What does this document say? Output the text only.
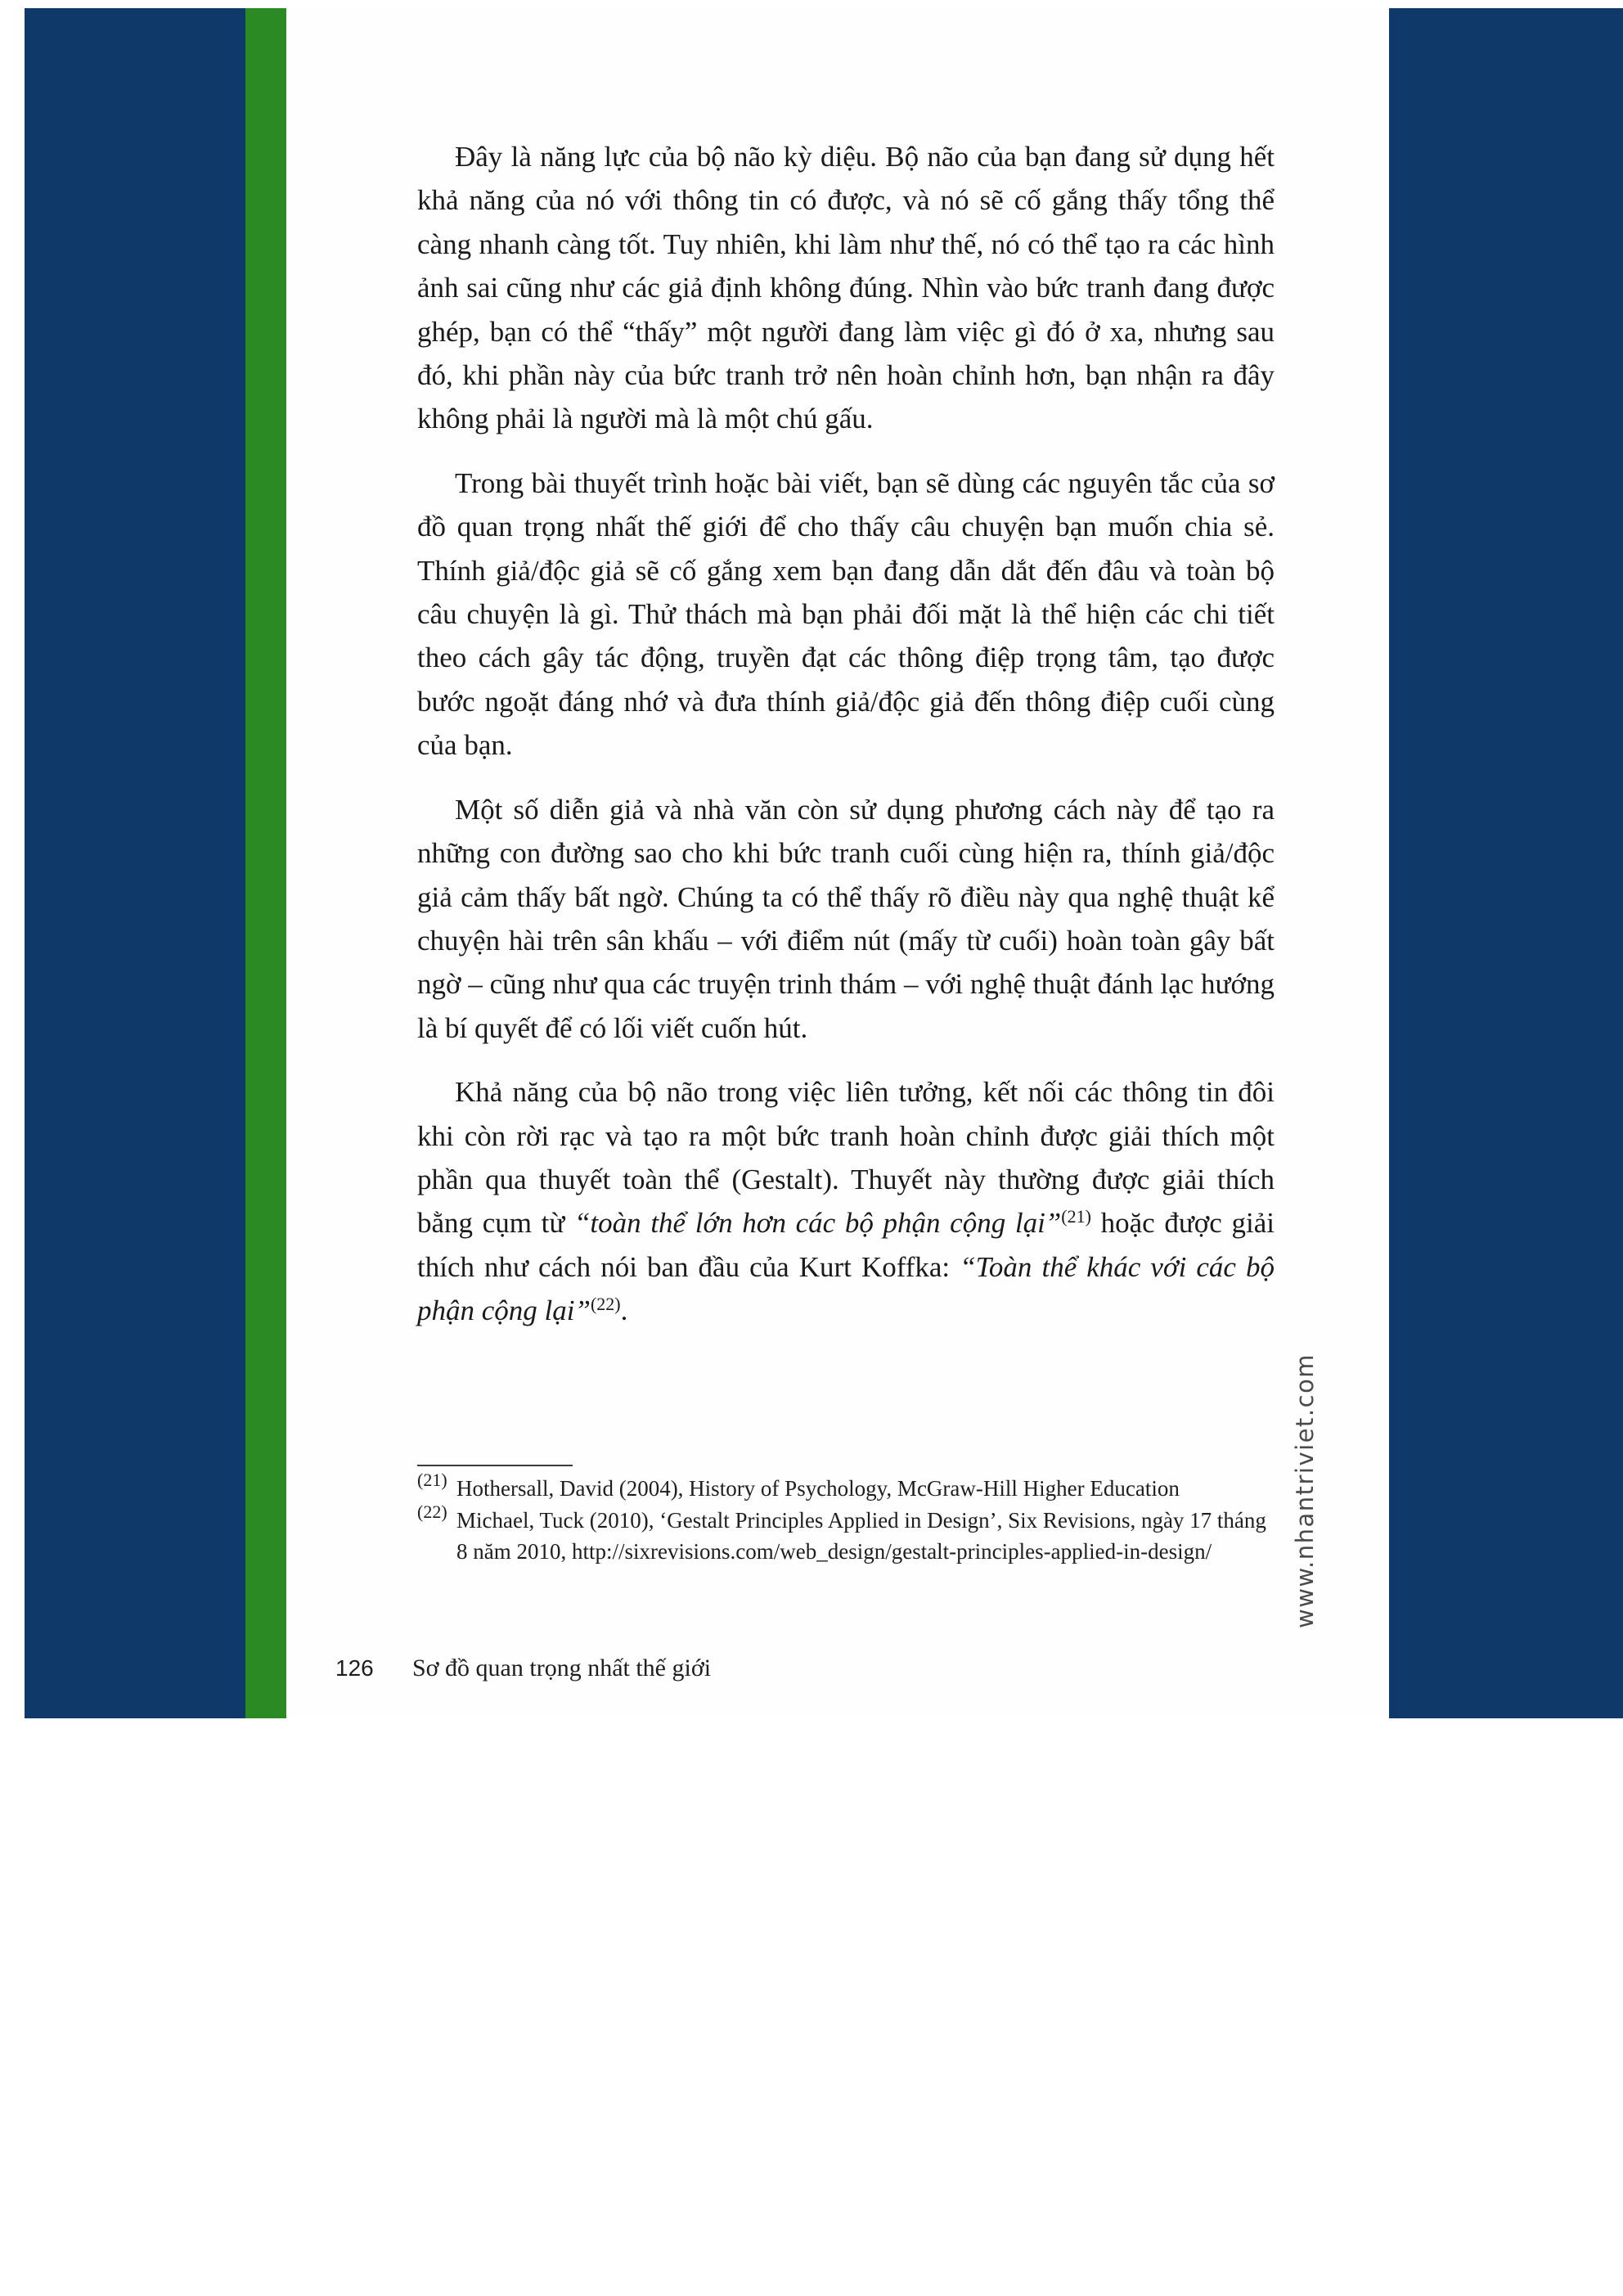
Đây là năng lực của bộ não kỳ diệu. Bộ não của bạn đang sử dụng hết khả năng của nó với thông tin có được, và nó sẽ cố gắng thấy tổng thể càng nhanh càng tốt. Tuy nhiên, khi làm như thế, nó có thể tạo ra các hình ảnh sai cũng như các giả định không đúng. Nhìn vào bức tranh đang được ghép, bạn có thể “thấy” một người đang làm việc gì đó ở xa, nhưng sau đó, khi phần này của bức tranh trở nên hoàn chỉnh hơn, bạn nhận ra đây không phải là người mà là một chú gấu.

Trong bài thuyết trình hoặc bài viết, bạn sẽ dùng các nguyên tắc của sơ đồ quan trọng nhất thế giới để cho thấy câu chuyện bạn muốn chia sẻ. Thính giả/độc giả sẽ cố gắng xem bạn đang dẫn dắt đến đâu và toàn bộ câu chuyện là gì. Thử thách mà bạn phải đối mặt là thể hiện các chi tiết theo cách gây tác động, truyền đạt các thông điệp trọng tâm, tạo được bước ngoặt đáng nhớ và đưa thính giả/độc giả đến thông điệp cuối cùng của bạn.

Một số diễn giả và nhà văn còn sử dụng phương cách này để tạo ra những con đường sao cho khi bức tranh cuối cùng hiện ra, thính giả/độc giả cảm thấy bất ngờ. Chúng ta có thể thấy rõ điều này qua nghệ thuật kể chuyện hài trên sân khấu – với điểm nút (mấy từ cuối) hoàn toàn gây bất ngờ – cũng như qua các truyện trinh thám – với nghệ thuật đánh lạc hướng là bí quyết để có lối viết cuốn hút.

Khả năng của bộ não trong việc liên tưởng, kết nối các thông tin đôi khi còn rời rạc và tạo ra một bức tranh hoàn chỉnh được giải thích một phần qua thuyết toàn thể (Gestalt). Thuyết này thường được giải thích bằng cụm từ “toàn thể lớn hơn các bộ phận cộng lại”$^{(21)}$ hoặc được giải thích như cách nói ban đầu của Kurt Koffka: “Toàn thể khác với các bộ phận cộng lại”$^{(22)}$.

$^{(21)}$ Hothersall, David (2004), History of Psychology, McGraw-Hill Higher Education
$^{(22)}$ Michael, Tuck (2010), ‘Gestalt Principles Applied in Design’, Six Revisions, ngày 17 tháng 8 năm 2010, http://sixrevisions.com/web_design/gestalt-principles-applied-in-design/
126 Sơ đồ quan trọng nhất thế giới
www.nhantriviet.com
